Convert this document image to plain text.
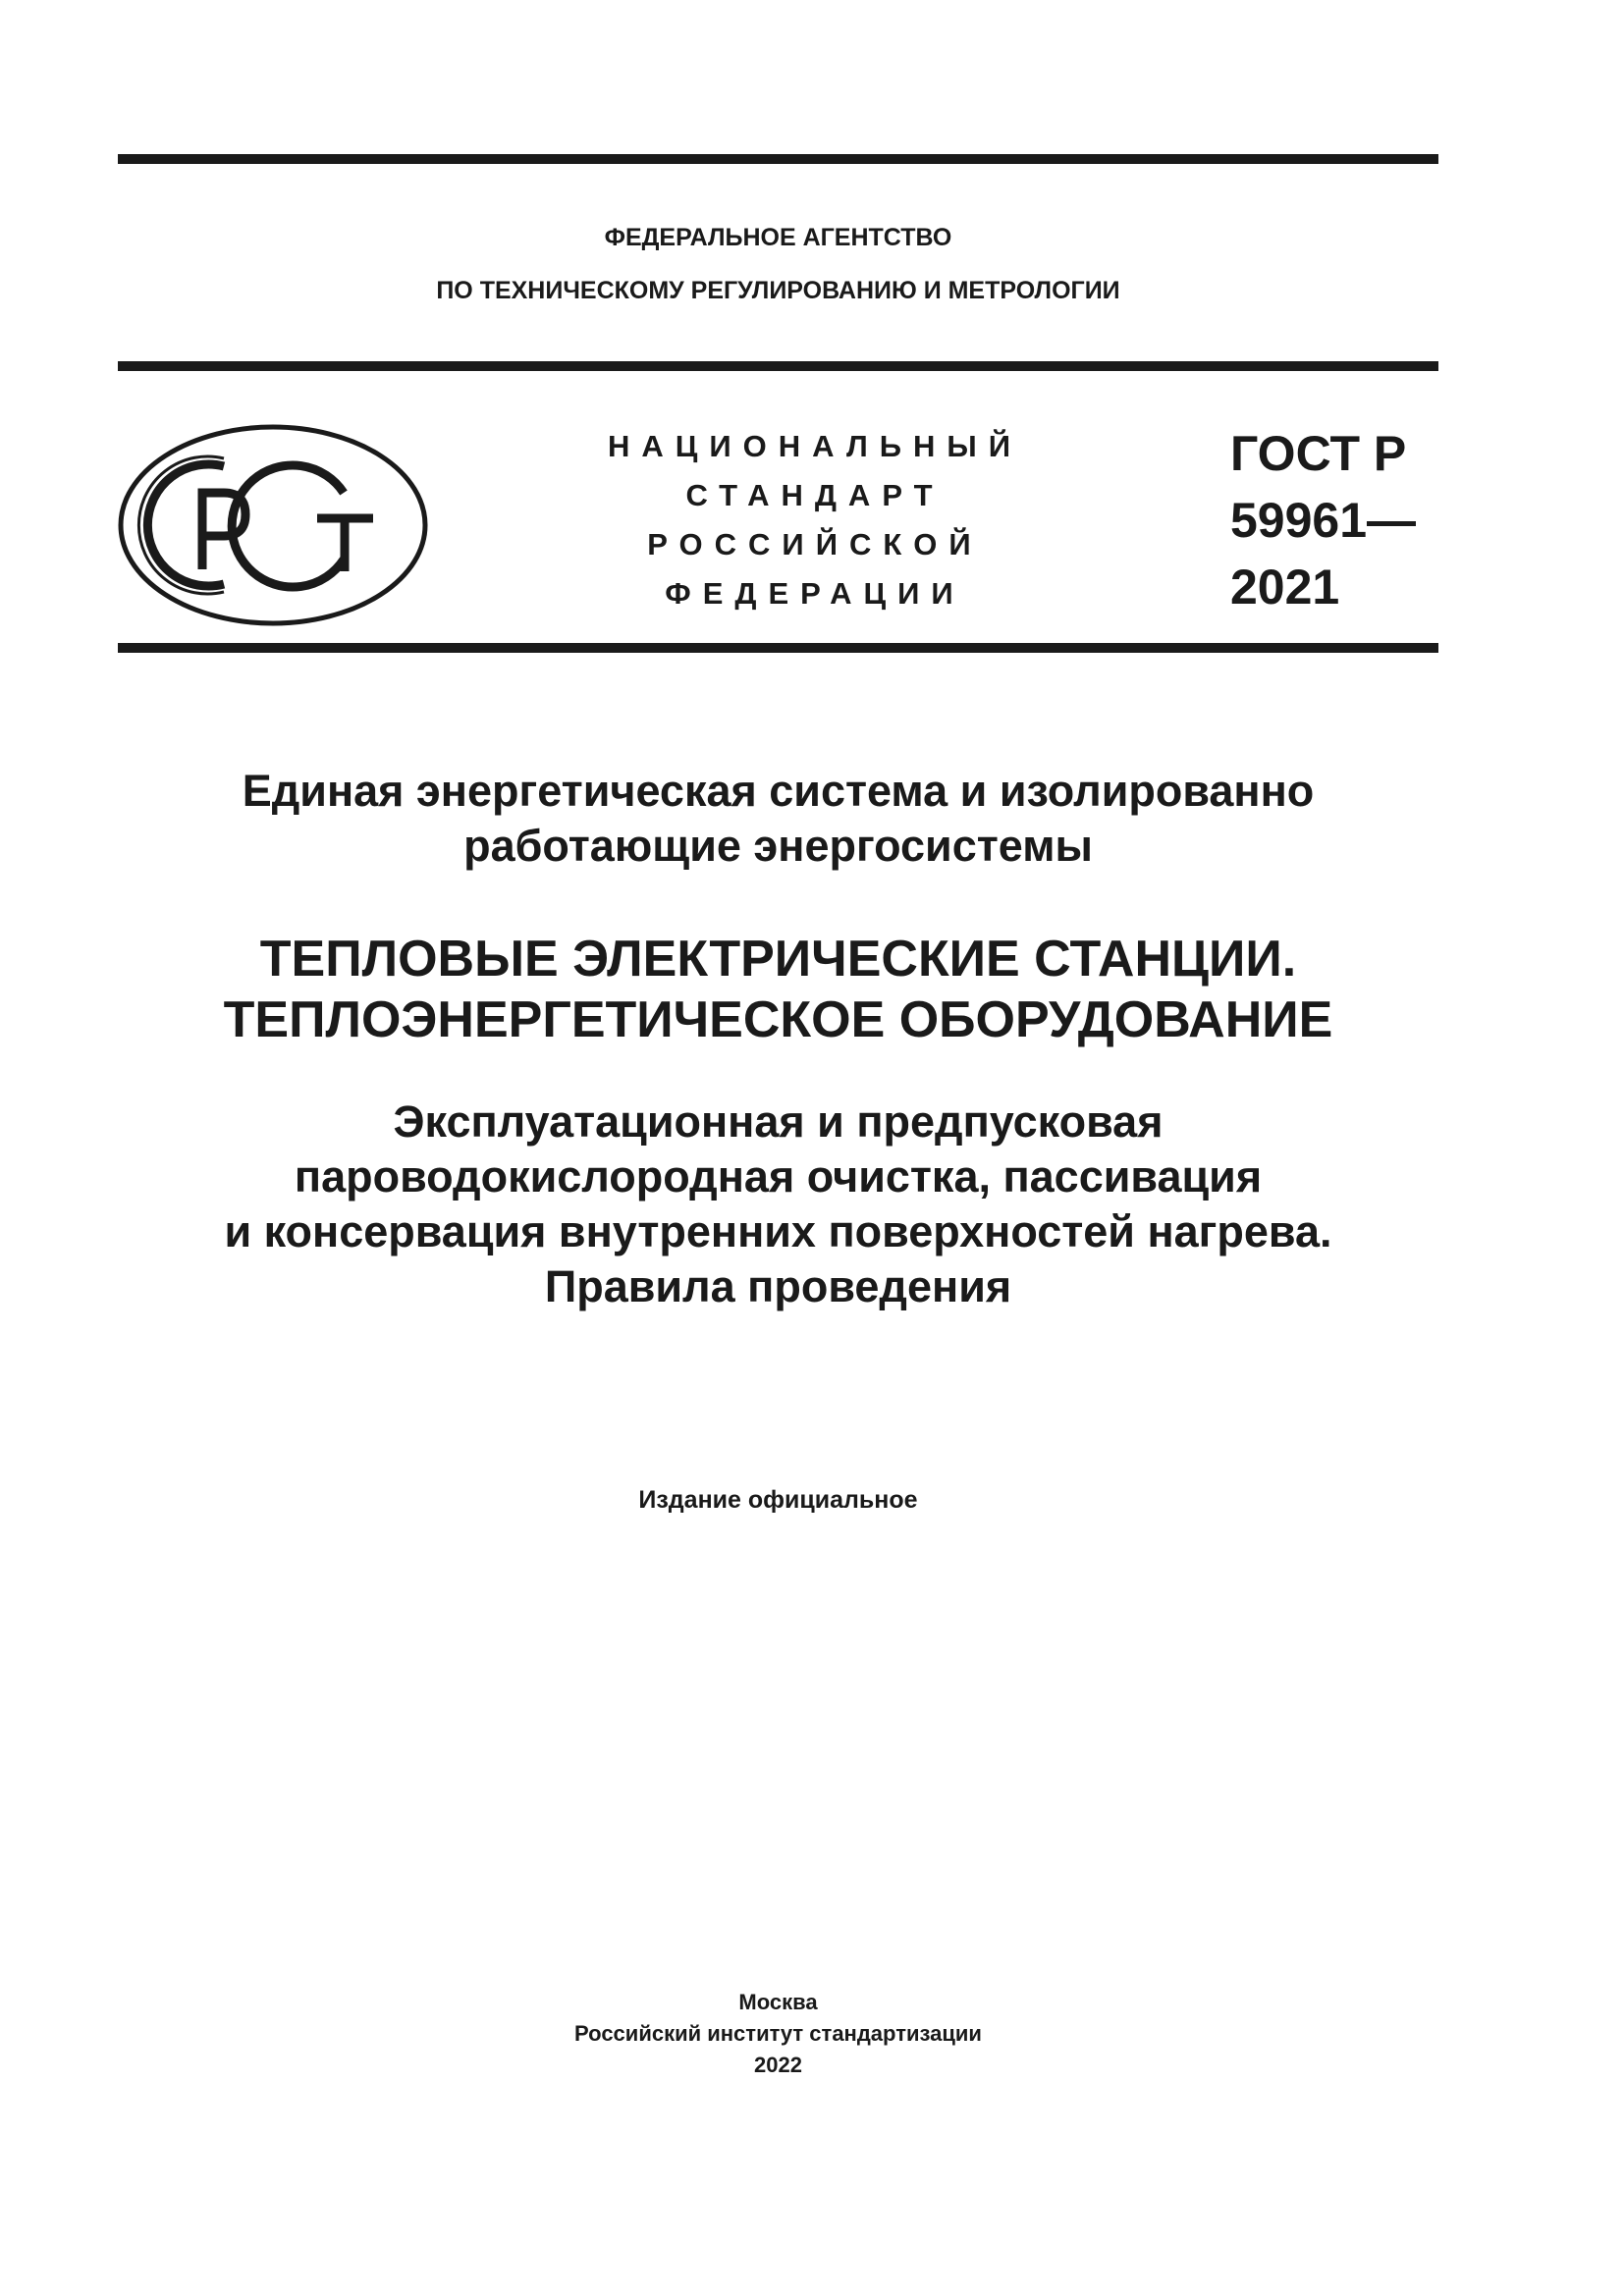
ФЕДЕРАЛЬНОЕ АГЕНТСТВО
ПО ТЕХНИЧЕСКОМУ РЕГУЛИРОВАНИЮ И МЕТРОЛОГИИ
НАЦИОНАЛЬНЫЙ
СТАНДАРТ
РОССИЙСКОЙ
ФЕДЕРАЦИИ
ГОСТ Р
59961—
2021
Единая энергетическая система и изолированно
работающие энергосистемы
ТЕПЛОВЫЕ ЭЛЕКТРИЧЕСКИЕ СТАНЦИИ.
ТЕПЛОЭНЕРГЕТИЧЕСКОЕ ОБОРУДОВАНИЕ
Эксплуатационная и предпусковая
пароводокислородная очистка, пассивация
и консервация внутренних поверхностей нагрева.
Правила проведения
Издание официальное
Москва
Российский институт стандартизации
2022
